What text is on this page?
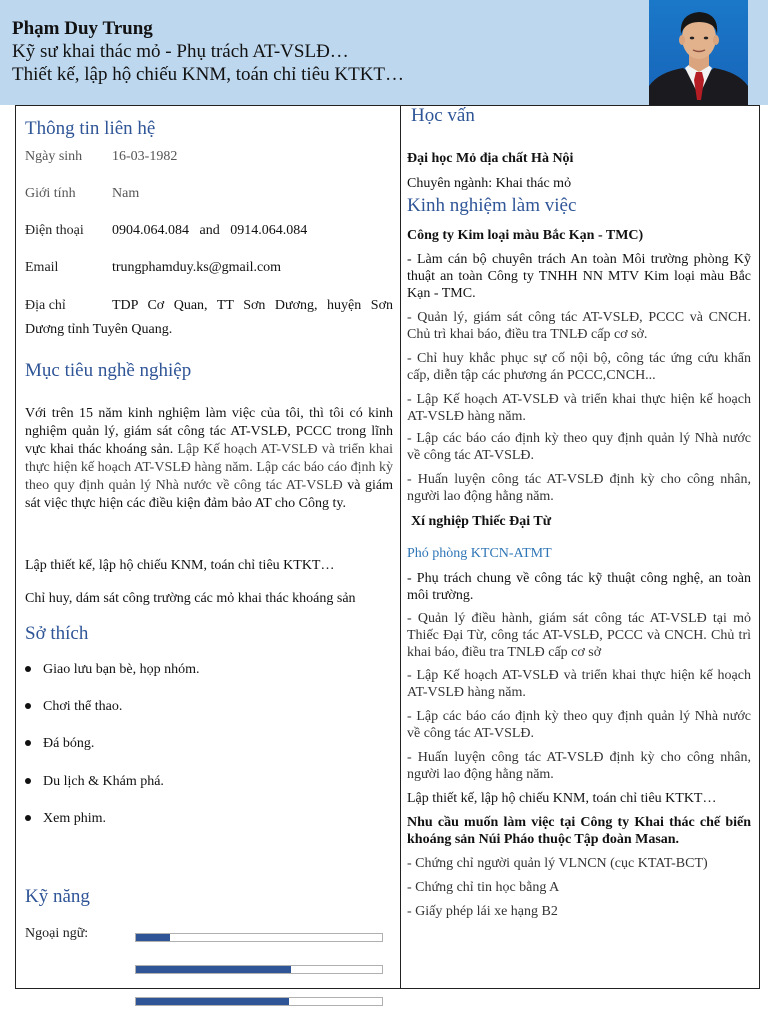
Phạm Duy Trung
Kỹ sư khai thác mỏ - Phụ trách AT-VSLĐ…
Thiết kế, lập hộ chiếu KNM, toán chỉ tiêu KTKT…
Thông tin liên hệ
Ngày sinh 16-03-1982
Giới tính	Nam
Điện thoại 0904.064.084   and   0914.064.084
Email	trungphamduy.ks@gmail.com
Địa chỉ	TDP Cơ Quan, TT Sơn Dương, huyện Sơn
Dương tỉnh Tuyên Quang.
Mục tiêu nghề nghiệp
Với trên 15 năm kinh nghiệm làm việc của tôi, thì tôi có kinh nghiệm quản lý, giám sát công tác AT-VSLĐ, PCCC trong lĩnh vực khai thác khoáng sản. Lập Kế hoạch AT-VSLĐ và triển khai thực hiện kế hoạch AT-VSLĐ hàng năm. Lập các báo cáo định kỳ theo quy định quản lý Nhà nước về công tác AT-VSLĐ và giám sát việc thực hiện các điều kiện đảm bảo AT cho Công ty.
Lập thiết kế, lập hộ chiếu KNM, toán chỉ tiêu KTKT…
Chỉ huy, dám sát công trường các mỏ khai thác khoáng sản
Sở thích
Giao lưu bạn bè, họp nhóm.
Chơi thể thao.
Đá bóng.
Du lịch & Khám phá.
Xem phim.
Kỹ năng
Ngoại ngữ:
Học vấn
Đại học Mỏ địa chất Hà Nội
Chuyên ngành: Khai thác mỏ
Kinh nghiệm làm việc
Công ty Kim loại màu Bắc Kạn - TMC)
- Làm cán bộ chuyên trách An toàn Môi trường phòng Kỹ thuật an toàn Công ty TNHH NN MTV Kim loại màu Bắc Kạn - TMC.
- Quản lý, giám sát công tác AT-VSLĐ, PCCC và CNCH. Chủ trì khai báo, điều tra TNLĐ cấp cơ sở.
- Chỉ huy khắc phục sự cố nội bộ, công tác ứng cứu khẩn cấp, diễn tập các phương án PCCC,CNCH...
- Lập Kế hoạch AT-VSLĐ và triển khai thực hiện kế hoạch AT-VSLĐ hàng năm.
- Lập các báo cáo định kỳ theo quy định quản lý Nhà nước về công tác AT-VSLĐ.
- Huấn luyện công tác AT-VSLĐ định kỳ cho công nhân, người lao động hằng năm.
Xí nghiệp Thiếc Đại Từ
Phó phòng KTCN-ATMT
- Phụ trách chung về công tác kỹ thuật công nghệ, an toàn môi trường.
- Quản lý điều hành, giám sát công tác AT-VSLĐ tại mỏ Thiếc Đại Từ, công tác AT-VSLĐ, PCCC và CNCH. Chủ trì khai báo, điều tra TNLĐ cấp cơ sở
- Lập Kế hoạch AT-VSLĐ và triển khai thực hiện kế hoạch AT-VSLĐ hàng năm.
- Lập các báo cáo định kỳ theo quy định quản lý Nhà nước về công tác AT-VSLĐ.
- Huấn luyện công tác AT-VSLĐ định kỳ cho công nhân, người lao động hằng năm.
Lập thiết kế, lập hộ chiếu KNM, toán chỉ tiêu KTKT…
Nhu cầu muốn làm việc tại Công ty Khai thác chế biến khoáng sản Núi Pháo thuộc Tập đoàn Masan.
- Chứng chỉ người quản lý VLNCN (cục KTAT-BCT)
- Chứng chỉ tin học bằng A
- Giấy phép lái xe hạng B2
